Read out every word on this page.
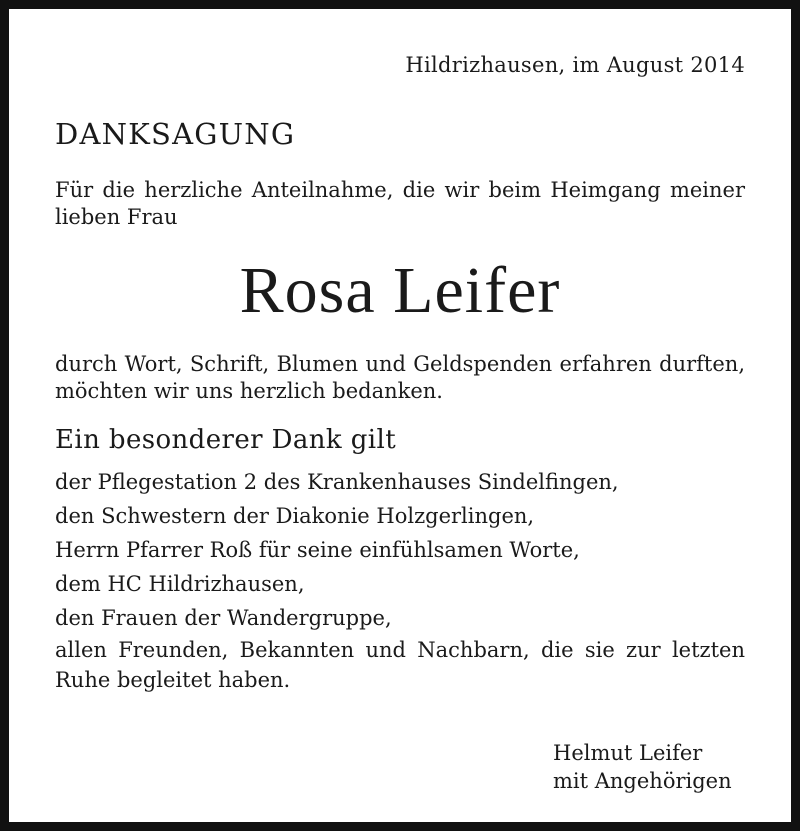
Hildrizhausen, im August 2014
DANKSAGUNG
Für die herzliche Anteilnahme, die wir beim Heimgang meiner lieben Frau
Rosa Leifer
durch Wort, Schrift, Blumen und Geldspenden erfahren durften, möchten wir uns herzlich bedanken.
Ein besonderer Dank gilt
der Pflegestation 2 des Krankenhauses Sindelfingen,
den Schwestern der Diakonie Holzgerlingen,
Herrn Pfarrer Roß für seine einfühlsamen Worte,
dem HC Hildrizhausen,
den Frauen der Wandergruppe,
allen Freunden, Bekannten und Nachbarn, die sie zur letzten Ruhe begleitet haben.
Helmut Leifer
mit Angehörigen
